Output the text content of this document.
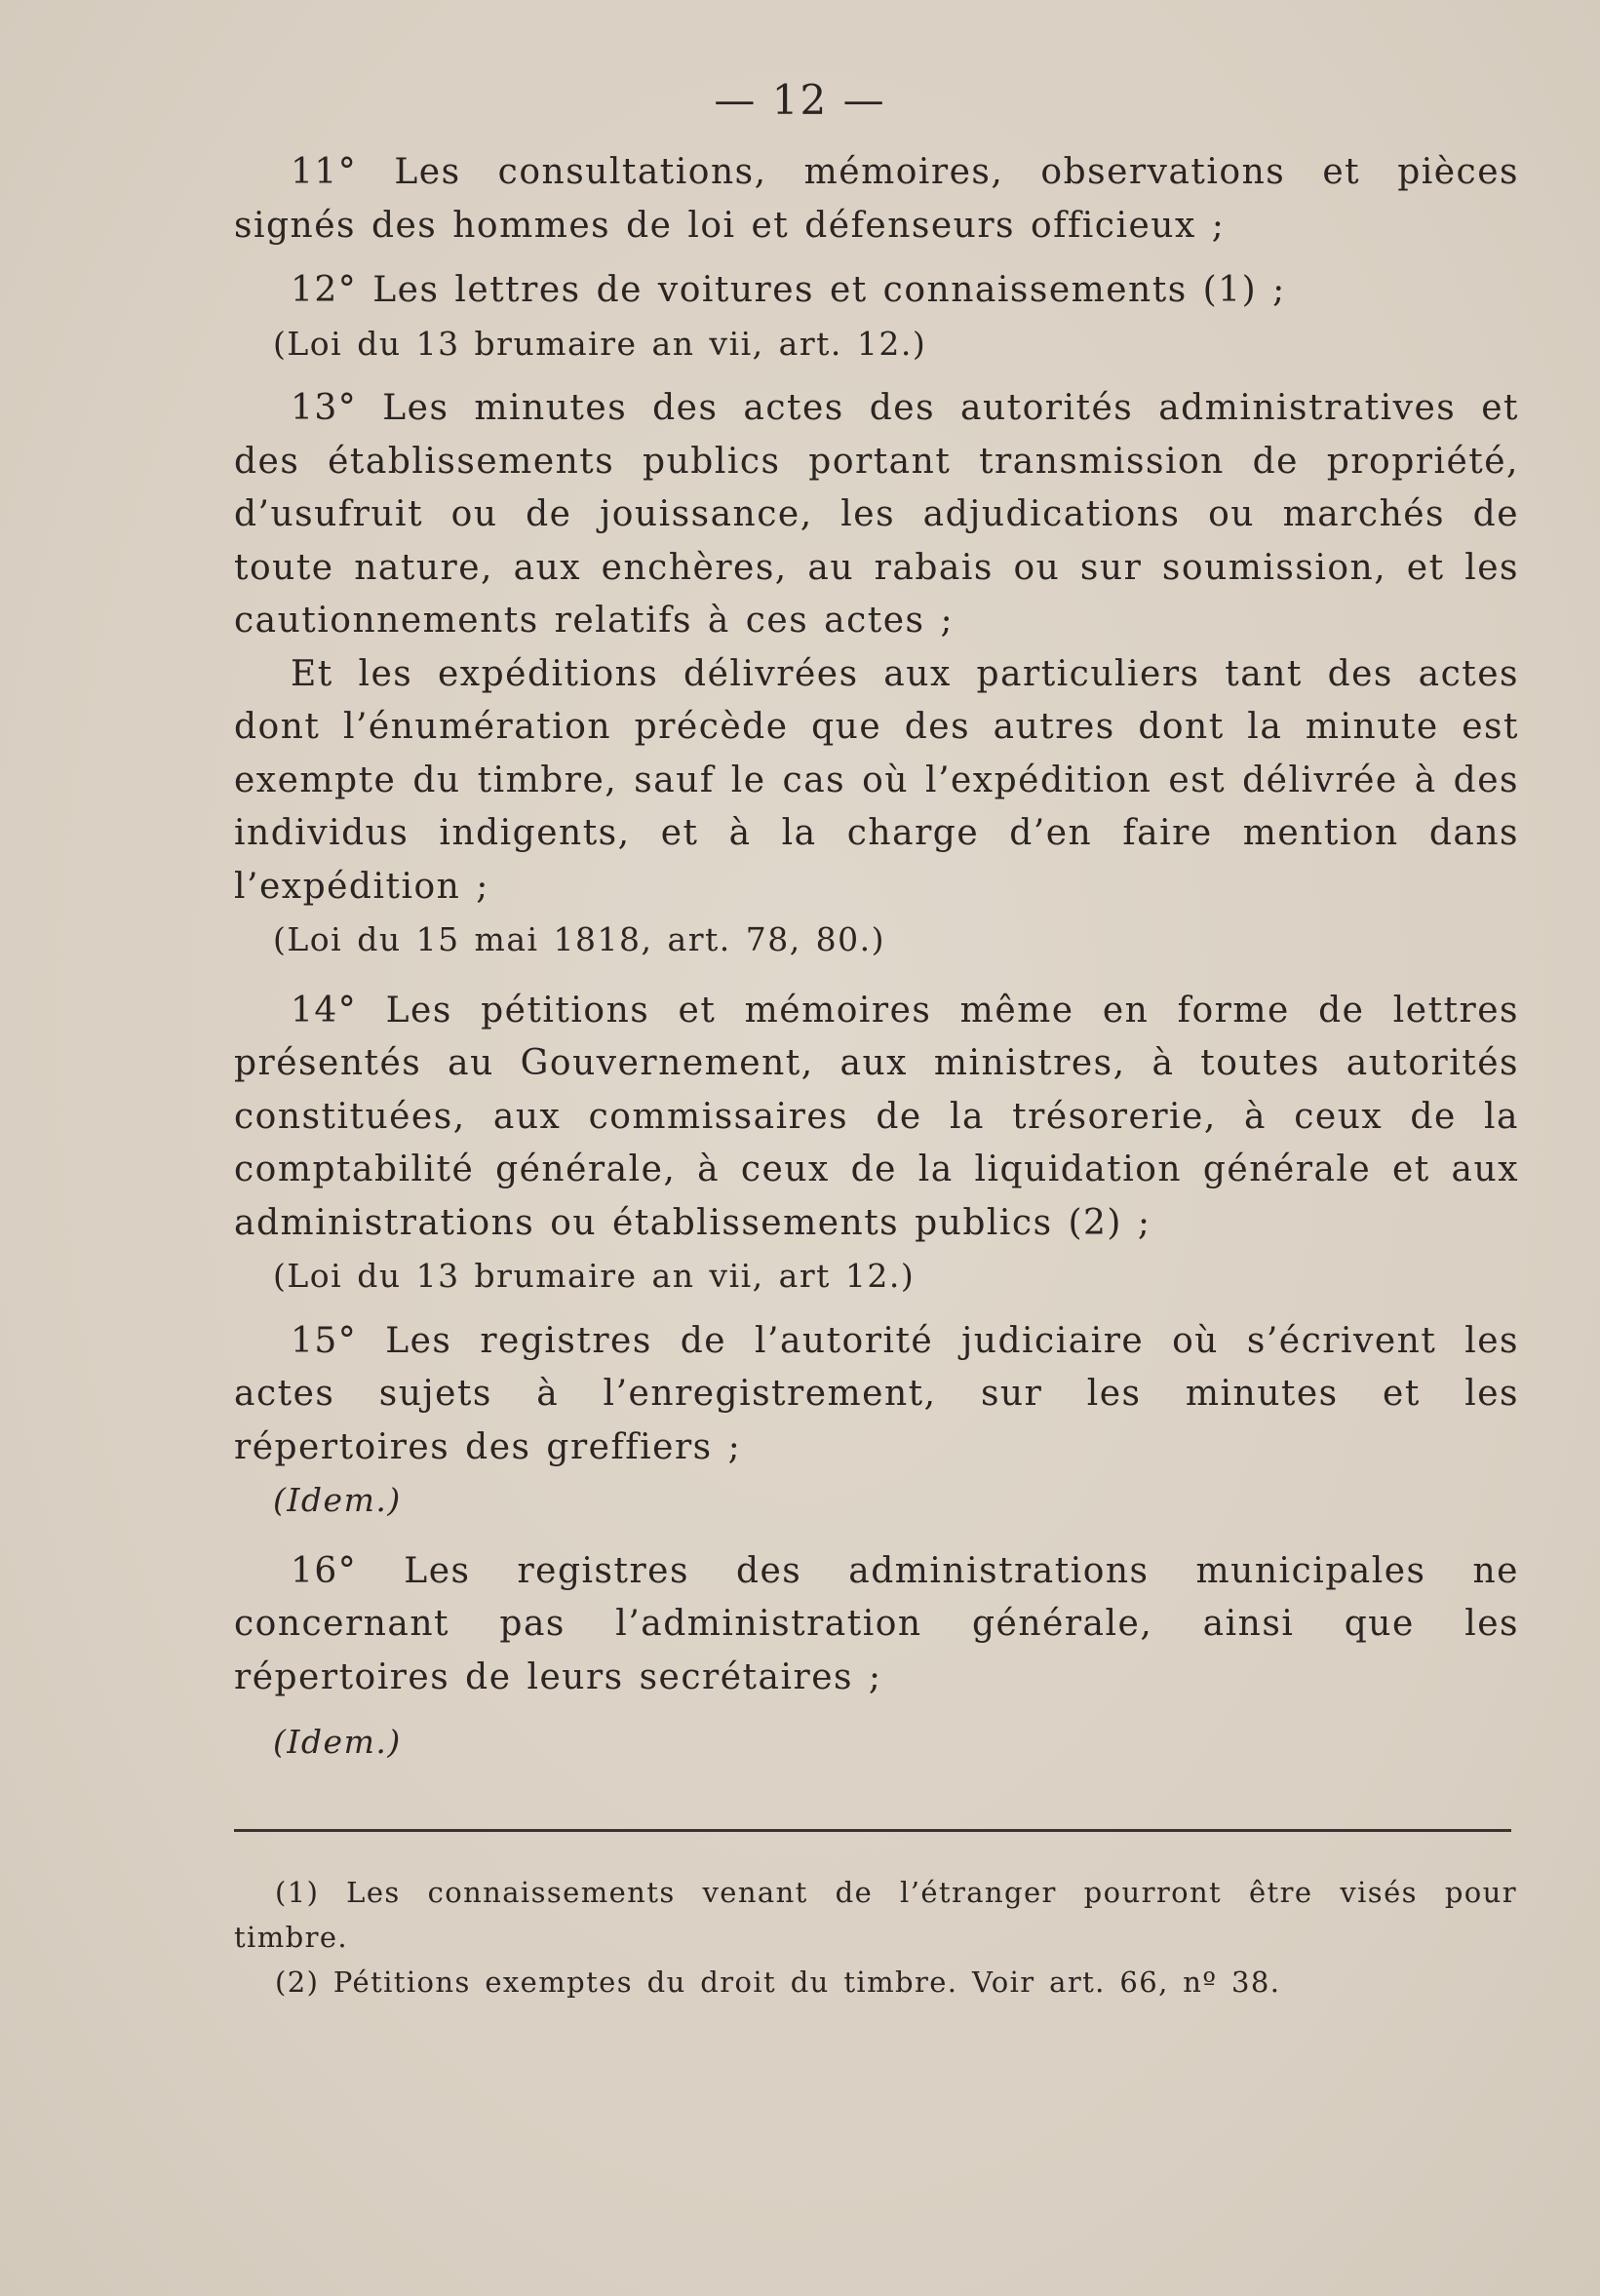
— 12 —

11° Les consultations, mémoires, observations et pièces signés des hommes de loi et défenseurs officieux ;

12° Les lettres de voitures et connaissements (1) ;

(Loi du 13 brumaire an vii, art. 12.)

13° Les minutes des actes des autorités administratives et des établissements publics portant transmission de propriété, d’usufruit ou de jouissance, les adjudications ou marchés de toute nature, aux enchères, au rabais ou sur soumission, et les cautionnements relatifs à ces actes ;

Et les expéditions délivrées aux particuliers tant des actes dont l’énumération précède que des autres dont la minute est exempte du timbre, sauf le cas où l’expédition est délivrée à des individus indigents, et à la charge d’en faire mention dans l’expédition ;

(Loi du 15 mai 1818, art. 78, 80.)

14° Les pétitions et mémoires même en forme de lettres présentés au Gouvernement, aux ministres, à toutes autorités constituées, aux commissaires de la trésorerie, à ceux de la comptabilité générale, à ceux de la liquidation générale et aux administrations ou établissements publics (2) ;

(Loi du 13 brumaire an vii, art 12.)

15° Les registres de l’autorité judiciaire où s’écrivent les actes sujets à l’enregistrement, sur les minutes et les répertoires des greffiers ;

(Idem.)

16° Les registres des administrations municipales ne concernant pas l’administration générale, ainsi que les répertoires de leurs secrétaires ;

(Idem.)

(1) Les connaissements venant de l’étranger pourront être visés pour timbre.

(2) Pétitions exemptes du droit du timbre. Voir art. 66, nº 38.
